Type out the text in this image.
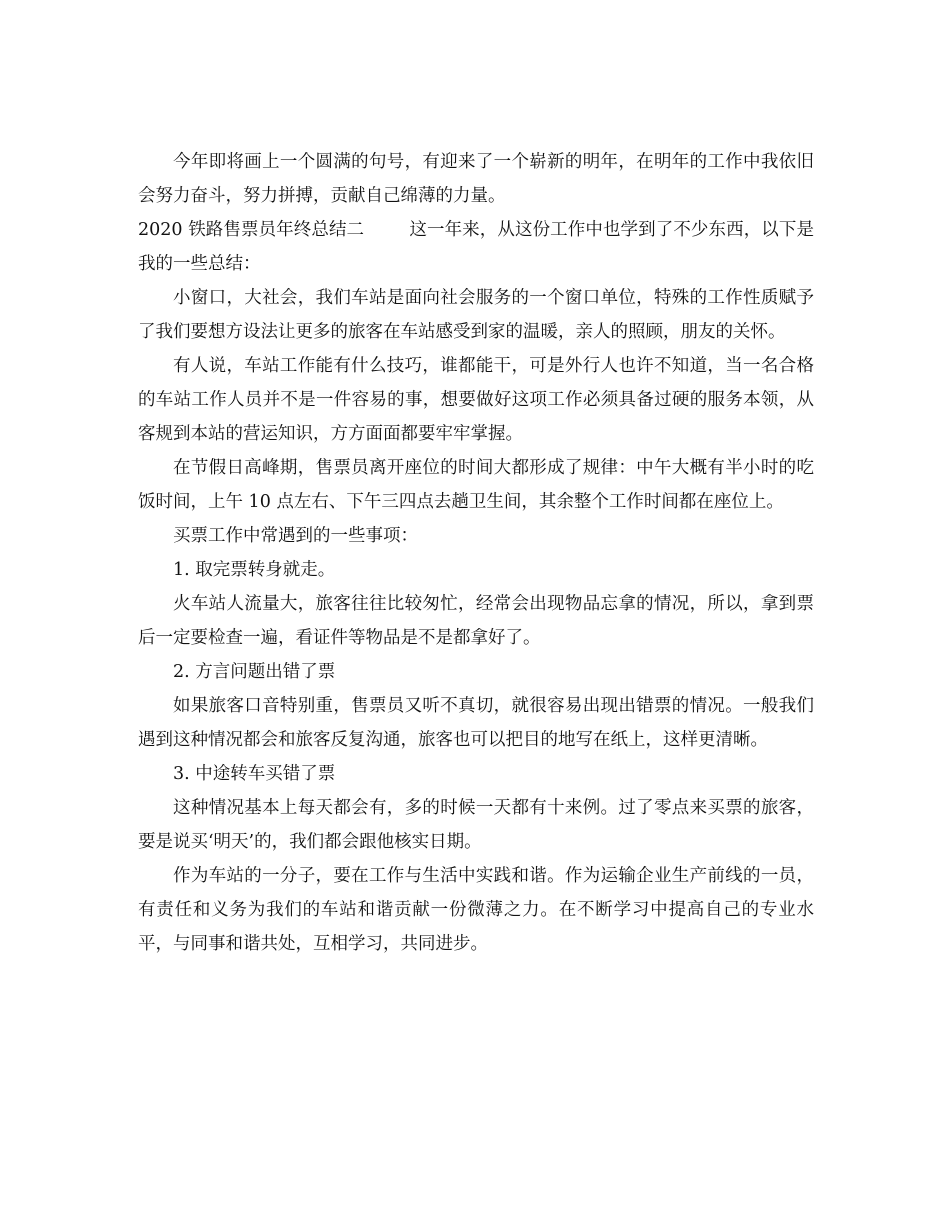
今年即将画上一个圆满的句号，有迎来了一个崭新的明年，在明年的工作中我依旧会努力奋斗，努力拼搏，贡献自己绵薄的力量。

2020 铁路售票员年终总结二        这一年来，从这份工作中也学到了不少东西，以下是我的一些总结：

小窗口，大社会，我们车站是面向社会服务的一个窗口单位，特殊的工作性质赋予了我们要想方设法让更多的旅客在车站感受到家的温暖，亲人的照顾，朋友的关怀。

有人说，车站工作能有什么技巧，谁都能干，可是外行人也许不知道，当一名合格的车站工作人员并不是一件容易的事，想要做好这项工作必须具备过硬的服务本领，从客规到本站的营运知识，方方面面都要牢牢掌握。

在节假日高峰期，售票员离开座位的时间大都形成了规律：中午大概有半小时的吃饭时间，上午 10 点左右、下午三四点去趟卫生间，其余整个工作时间都在座位上。

买票工作中常遇到的一些事项：

1. 取完票转身就走。

火车站人流量大，旅客往往比较匆忙，经常会出现物品忘拿的情况，所以，拿到票后一定要检查一遍，看证件等物品是不是都拿好了。

2. 方言问题出错了票

如果旅客口音特别重，售票员又听不真切，就很容易出现出错票的情况。一般我们遇到这种情况都会和旅客反复沟通，旅客也可以把目的地写在纸上，这样更清晰。

3. 中途转车买错了票

这种情况基本上每天都会有，多的时候一天都有十来例。过了零点来买票的旅客，要是说买‘明天’的，我们都会跟他核实日期。

作为车站的一分子，要在工作与生活中实践和谐。作为运输企业生产前线的一员，有责任和义务为我们的车站和谐贡献一份微薄之力。在不断学习中提高自己的专业水平，与同事和谐共处，互相学习，共同进步。
